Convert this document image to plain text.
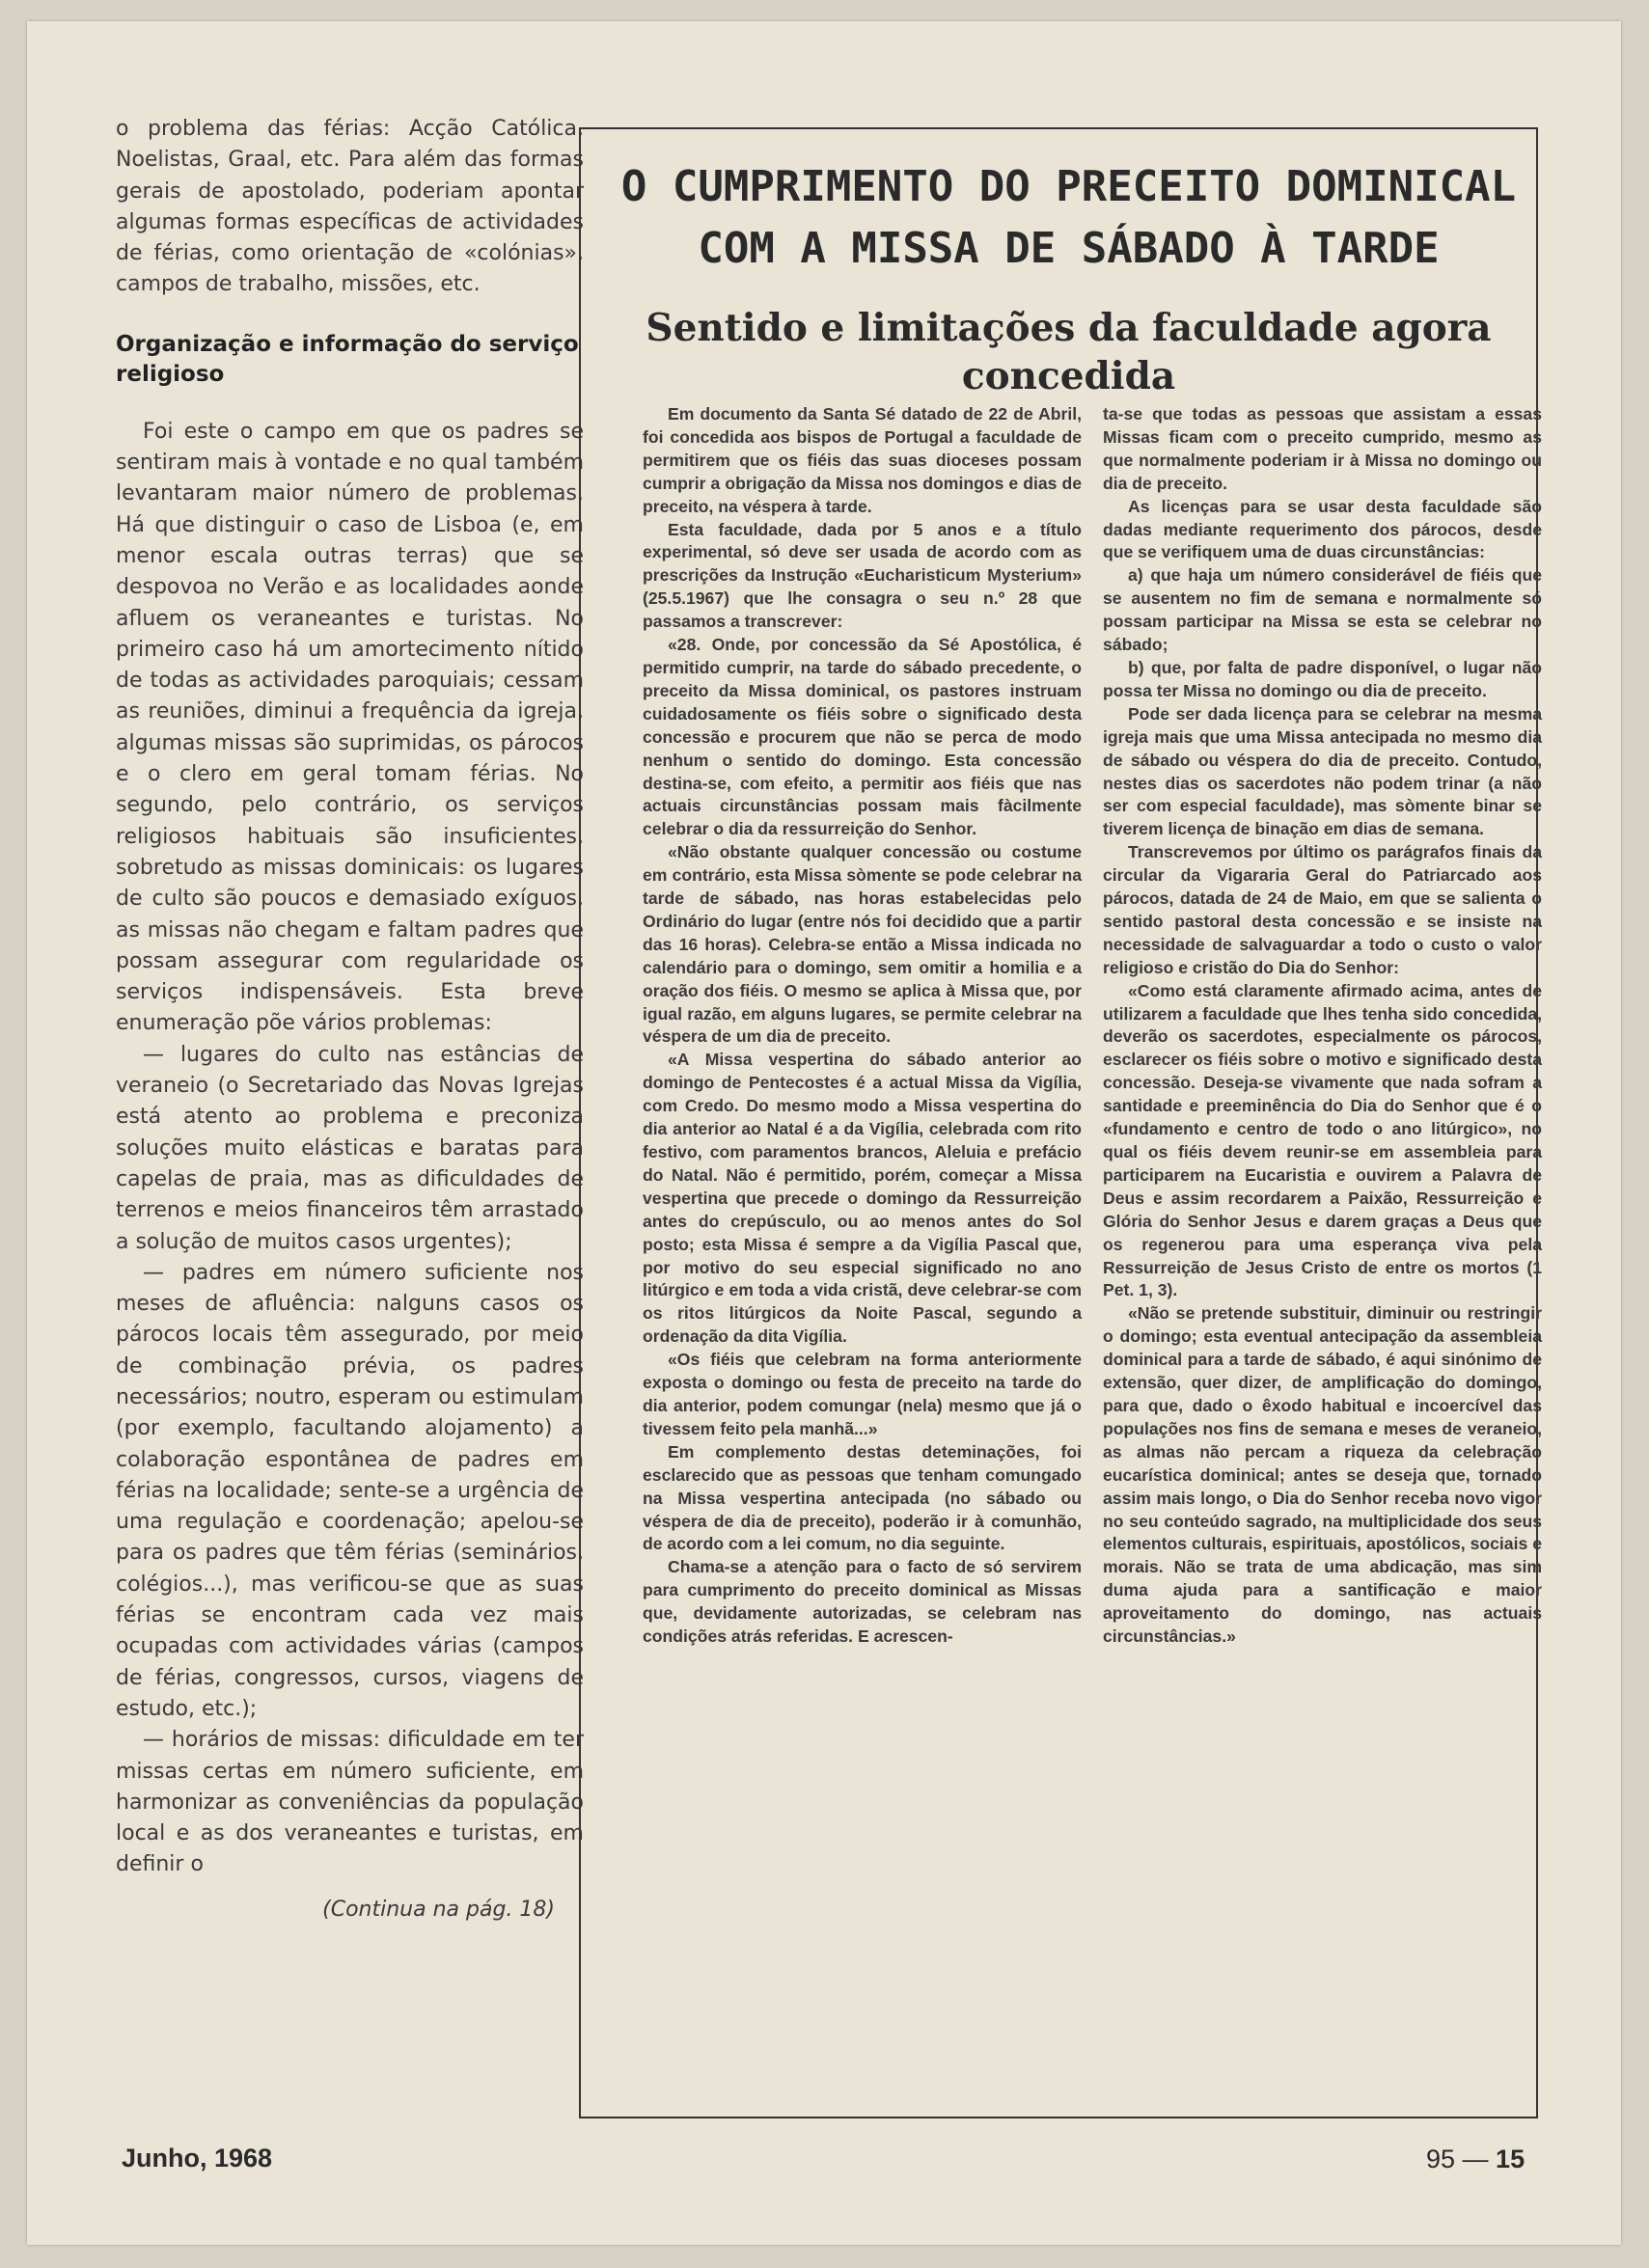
o problema das férias: Acção Católica, Noelistas, Graal, etc. Para além das formas gerais de apostolado, poderiam apontar algumas formas específicas de actividades de férias, como orientação de «colónias», campos de trabalho, missões, etc.

Organização e informação do serviço religioso

Foi este o campo em que os padres se sentiram mais à vontade e no qual também levantaram maior número de problemas. Há que distinguir o caso de Lisboa (e, em menor escala outras terras) que se despovoa no Verão e as localidades aonde afluem os veraneantes e turistas. No primeiro caso há um amortecimento nítido de todas as actividades paroquiais; cessam as reuniões, diminui a frequência da igreja, algumas missas são suprimidas, os párocos e o clero em geral tomam férias. No segundo, pelo contrário, os serviços religiosos habituais são insuficientes, sobretudo as missas dominicais: os lugares de culto são poucos e demasiado exíguos, as missas não chegam e faltam padres que possam assegurar com regularidade os serviços indispensáveis. Esta breve enumeração põe vários problemas:

— lugares do culto nas estâncias de veraneio (o Secretariado das Novas Igrejas está atento ao problema e preconiza soluções muito elásticas e baratas para capelas de praia, mas as dificuldades de terrenos e meios financeiros têm arrastado a solução de muitos casos urgentes);

— padres em número suficiente nos meses de afluência: nalguns casos os párocos locais têm assegurado, por meio de combinação prévia, os padres necessários; noutro, esperam ou estimulam (por exemplo, facultando alojamento) a colaboração espontânea de padres em férias na localidade; sente-se a urgência de uma regulação e coordenação; apelou-se para os padres que têm férias (seminários, colégios...), mas verificou-se que as suas férias se encontram cada vez mais ocupadas com actividades várias (campos de férias, congressos, cursos, viagens de estudo, etc.);

— horários de missas: dificuldade em ter missas certas em número suficiente, em harmonizar as conveniências da população local e as dos veraneantes e turistas, em definir o

(Continua na pág. 18)

O CUMPRIMENTO DO PRECEITO DOMINICAL
COM A MISSA DE SÁBADO À TARDE
Sentido e limitações da faculdade agora concedida

Em documento da Santa Sé datado de 22 de Abril, foi concedida aos bispos de Portugal a faculdade de permitirem que os fiéis das suas dioceses possam cumprir a obrigação da Missa nos domingos e dias de preceito, na véspera à tarde.

Esta faculdade, dada por 5 anos e a título experimental, só deve ser usada de acordo com as prescrições da Instrução «Eucharisticum Mysterium» (25.5.1967) que lhe consagra o seu n.º 28 que passamos a transcrever:

«28. Onde, por concessão da Sé Apostólica, é permitido cumprir, na tarde do sábado precedente, o preceito da Missa dominical, os pastores instruam cuidadosamente os fiéis sobre o significado desta concessão e procurem que não se perca de modo nenhum o sentido do domingo. Esta concessão destina-se, com efeito, a permitir aos fiéis que nas actuais circunstâncias possam mais fàcilmente celebrar o dia da ressurreição do Senhor.

«Não obstante qualquer concessão ou costume em contrário, esta Missa sòmente se pode celebrar na tarde de sábado, nas horas estabelecidas pelo Ordinário do lugar (entre nós foi decidido que a partir das 16 horas). Celebra-se então a Missa indicada no calendário para o domingo, sem omitir a homilia e a oração dos fiéis. O mesmo se aplica à Missa que, por igual razão, em alguns lugares, se permite celebrar na véspera de um dia de preceito.

«A Missa vespertina do sábado anterior ao domingo de Pentecostes é a actual Missa da Vigília, com Credo. Do mesmo modo a Missa vespertina do dia anterior ao Natal é a da Vigília, celebrada com rito festivo, com paramentos brancos, Aleluia e prefácio do Natal. Não é permitido, porém, começar a Missa vespertina que precede o domingo da Ressurreição antes do crepúsculo, ou ao menos antes do Sol posto; esta Missa é sempre a da Vigília Pascal que, por motivo do seu especial significado no ano litúrgico e em toda a vida cristã, deve celebrar-se com os ritos litúrgicos da Noite Pascal, segundo a ordenação da dita Vigília.

«Os fiéis que celebram na forma anteriormente exposta o domingo ou festa de preceito na tarde do dia anterior, podem comungar (nela) mesmo que já o tivessem feito pela manhã...»

Em complemento destas deteminações, foi esclarecido que as pessoas que tenham comungado na Missa vespertina antecipada (no sábado ou véspera de dia de preceito), poderão ir à comunhão, de acordo com a lei comum, no dia seguinte.

Chama-se a atenção para o facto de só servirem para cumprimento do preceito dominical as Missas que, devidamente autorizadas, se celebram nas condições atrás referidas. E acrescen-

ta-se que todas as pessoas que assistam a essas Missas ficam com o preceito cumprido, mesmo as que normalmente poderiam ir à Missa no domingo ou dia de preceito.

As licenças para se usar desta faculdade são dadas mediante requerimento dos párocos, desde que se verifiquem uma de duas circunstâncias:

a) que haja um número considerável de fiéis que se ausentem no fim de semana e normalmente só possam participar na Missa se esta se celebrar no sábado;

b) que, por falta de padre disponível, o lugar não possa ter Missa no domingo ou dia de preceito.

Pode ser dada licença para se celebrar na mesma igreja mais que uma Missa antecipada no mesmo dia de sábado ou véspera do dia de preceito. Contudo, nestes dias os sacerdotes não podem trinar (a não ser com especial faculdade), mas sòmente binar se tiverem licença de binação em dias de semana.

Transcrevemos por último os parágrafos finais da circular da Vigararia Geral do Patriarcado aos párocos, datada de 24 de Maio, em que se salienta o sentido pastoral desta concessão e se insiste na necessidade de salvaguardar a todo o custo o valor religioso e cristão do Dia do Senhor:

«Como está claramente afirmado acima, antes de utilizarem a faculdade que lhes tenha sido concedida, deverão os sacerdotes, especialmente os párocos, esclarecer os fiéis sobre o motivo e significado desta concessão. Deseja-se vivamente que nada sofram a santidade e preeminência do Dia do Senhor que é o «fundamento e centro de todo o ano litúrgico», no qual os fiéis devem reunir-se em assembleia para participarem na Eucaristia e ouvirem a Palavra de Deus e assim recordarem a Paixão, Ressurreição e Glória do Senhor Jesus e darem graças a Deus que os regenerou para uma esperança viva pela Ressurreição de Jesus Cristo de entre os mortos (1 Pet. 1, 3).

«Não se pretende substituir, diminuir ou restringir o domingo; esta eventual antecipação da assembleia dominical para a tarde de sábado, é aqui sinónimo de extensão, quer dizer, de amplificação do domingo, para que, dado o êxodo habitual e incoercível das populações nos fins de semana e meses de veraneio, as almas não percam a riqueza da celebração eucarística dominical; antes se deseja que, tornado assim mais longo, o Dia do Senhor receba novo vigor no seu conteúdo sagrado, na multiplicidade dos seus elementos culturais, espirituais, apostólicos, sociais e morais. Não se trata de uma abdicação, mas sim duma ajuda para a santificação e maior aproveitamento do domingo, nas actuais circunstâncias.»

Junho, 1968	95 — 15
